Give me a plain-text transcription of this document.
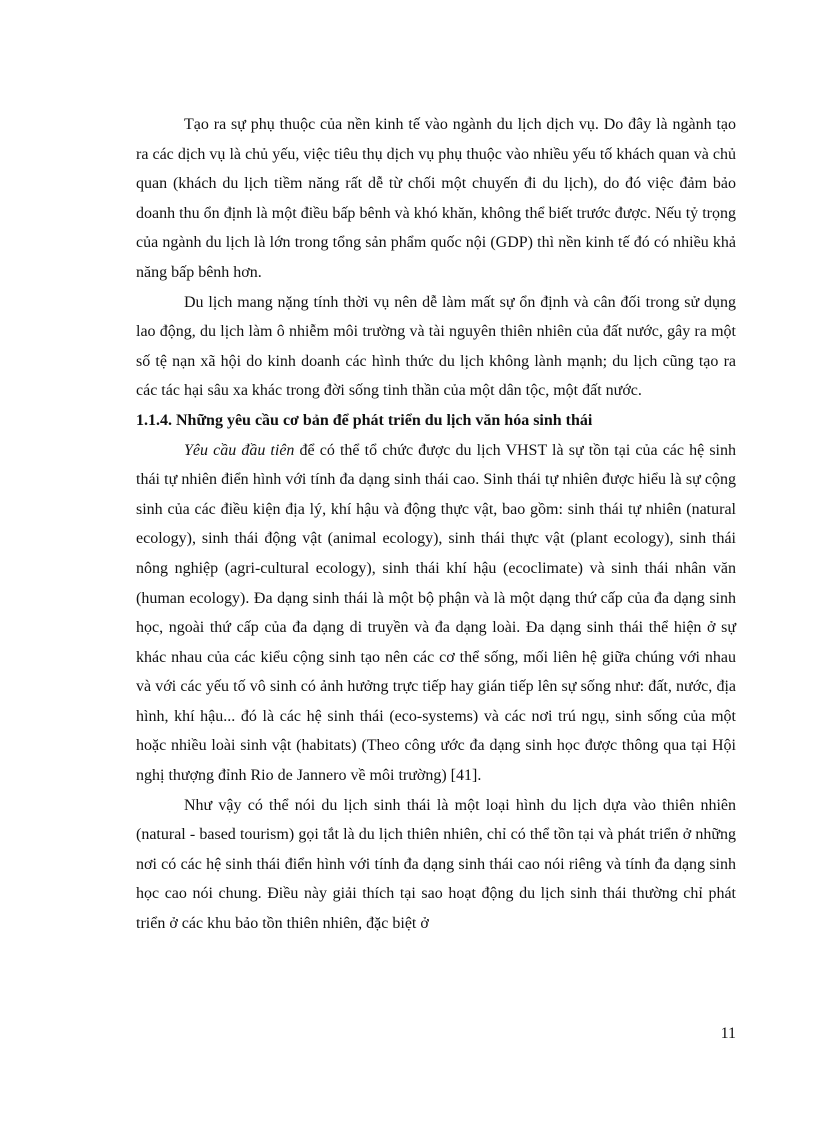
Tạo ra sự phụ thuộc của nền kinh tế vào ngành du lịch dịch vụ. Do đây là ngành tạo ra các dịch vụ là chủ yếu, việc tiêu thụ dịch vụ phụ thuộc vào nhiều yếu tố khách quan và chủ quan (khách du lịch tiềm năng rất dễ từ chối một chuyến đi du lịch), do đó việc đảm bảo doanh thu ổn định là một điều bấp bênh và khó khăn, không thể biết trước được. Nếu tỷ trọng của ngành du lịch là lớn trong tổng sản phẩm quốc nội (GDP) thì nền kinh tế đó có nhiều khả năng bấp bênh hơn.

Du lịch mang nặng tính thời vụ nên dễ làm mất sự ổn định và cân đối trong sử dụng lao động, du lịch làm ô nhiễm môi trường và tài nguyên thiên nhiên của đất nước, gây ra một số tệ nạn xã hội do kinh doanh các hình thức du lịch không lành mạnh; du lịch cũng tạo ra các tác hại sâu xa khác trong đời sống tinh thần của một dân tộc, một đất nước.

1.1.4. Những yêu cầu cơ bản để phát triển du lịch văn hóa sinh thái

Yêu cầu đầu tiên để có thể tổ chức được du lịch VHST là sự tồn tại của các hệ sinh thái tự nhiên điển hình với tính đa dạng sinh thái cao. Sinh thái tự nhiên được hiểu là sự cộng sinh của các điều kiện địa lý, khí hậu và động thực vật, bao gồm: sinh thái tự nhiên (natural ecology), sinh thái động vật (animal ecology), sinh thái thực vật (plant ecology), sinh thái nông nghiệp (agri-cultural ecology), sinh thái khí hậu (ecoclimate) và sinh thái nhân văn (human ecology). Đa dạng sinh thái là một bộ phận và là một dạng thứ cấp của đa dạng sinh học, ngoài thứ cấp của đa dạng di truyền và đa dạng loài. Đa dạng sinh thái thể hiện ở sự khác nhau của các kiểu cộng sinh tạo nên các cơ thể sống, mối liên hệ giữa chúng với nhau và với các yếu tố vô sinh có ảnh hưởng trực tiếp hay gián tiếp lên sự sống như: đất, nước, địa hình, khí hậu... đó là các hệ sinh thái (eco-systems) và các nơi trú ngụ, sinh sống của một hoặc nhiều loài sinh vật (habitats) (Theo công ước đa dạng sinh học được thông qua tại Hội nghị thượng đỉnh Rio de Jannero về môi trường) [41].

Như vậy có thể nói du lịch sinh thái là một loại hình du lịch dựa vào thiên nhiên (natural - based tourism) gọi tắt là du lịch thiên nhiên, chỉ có thể tồn tại và phát triển ở những nơi có các hệ sinh thái điển hình với tính đa dạng sinh thái cao nói riêng và tính đa dạng sinh học cao nói chung. Điều này giải thích tại sao hoạt động du lịch sinh thái thường chỉ phát triển ở các khu bảo tồn thiên nhiên, đặc biệt ở

11
